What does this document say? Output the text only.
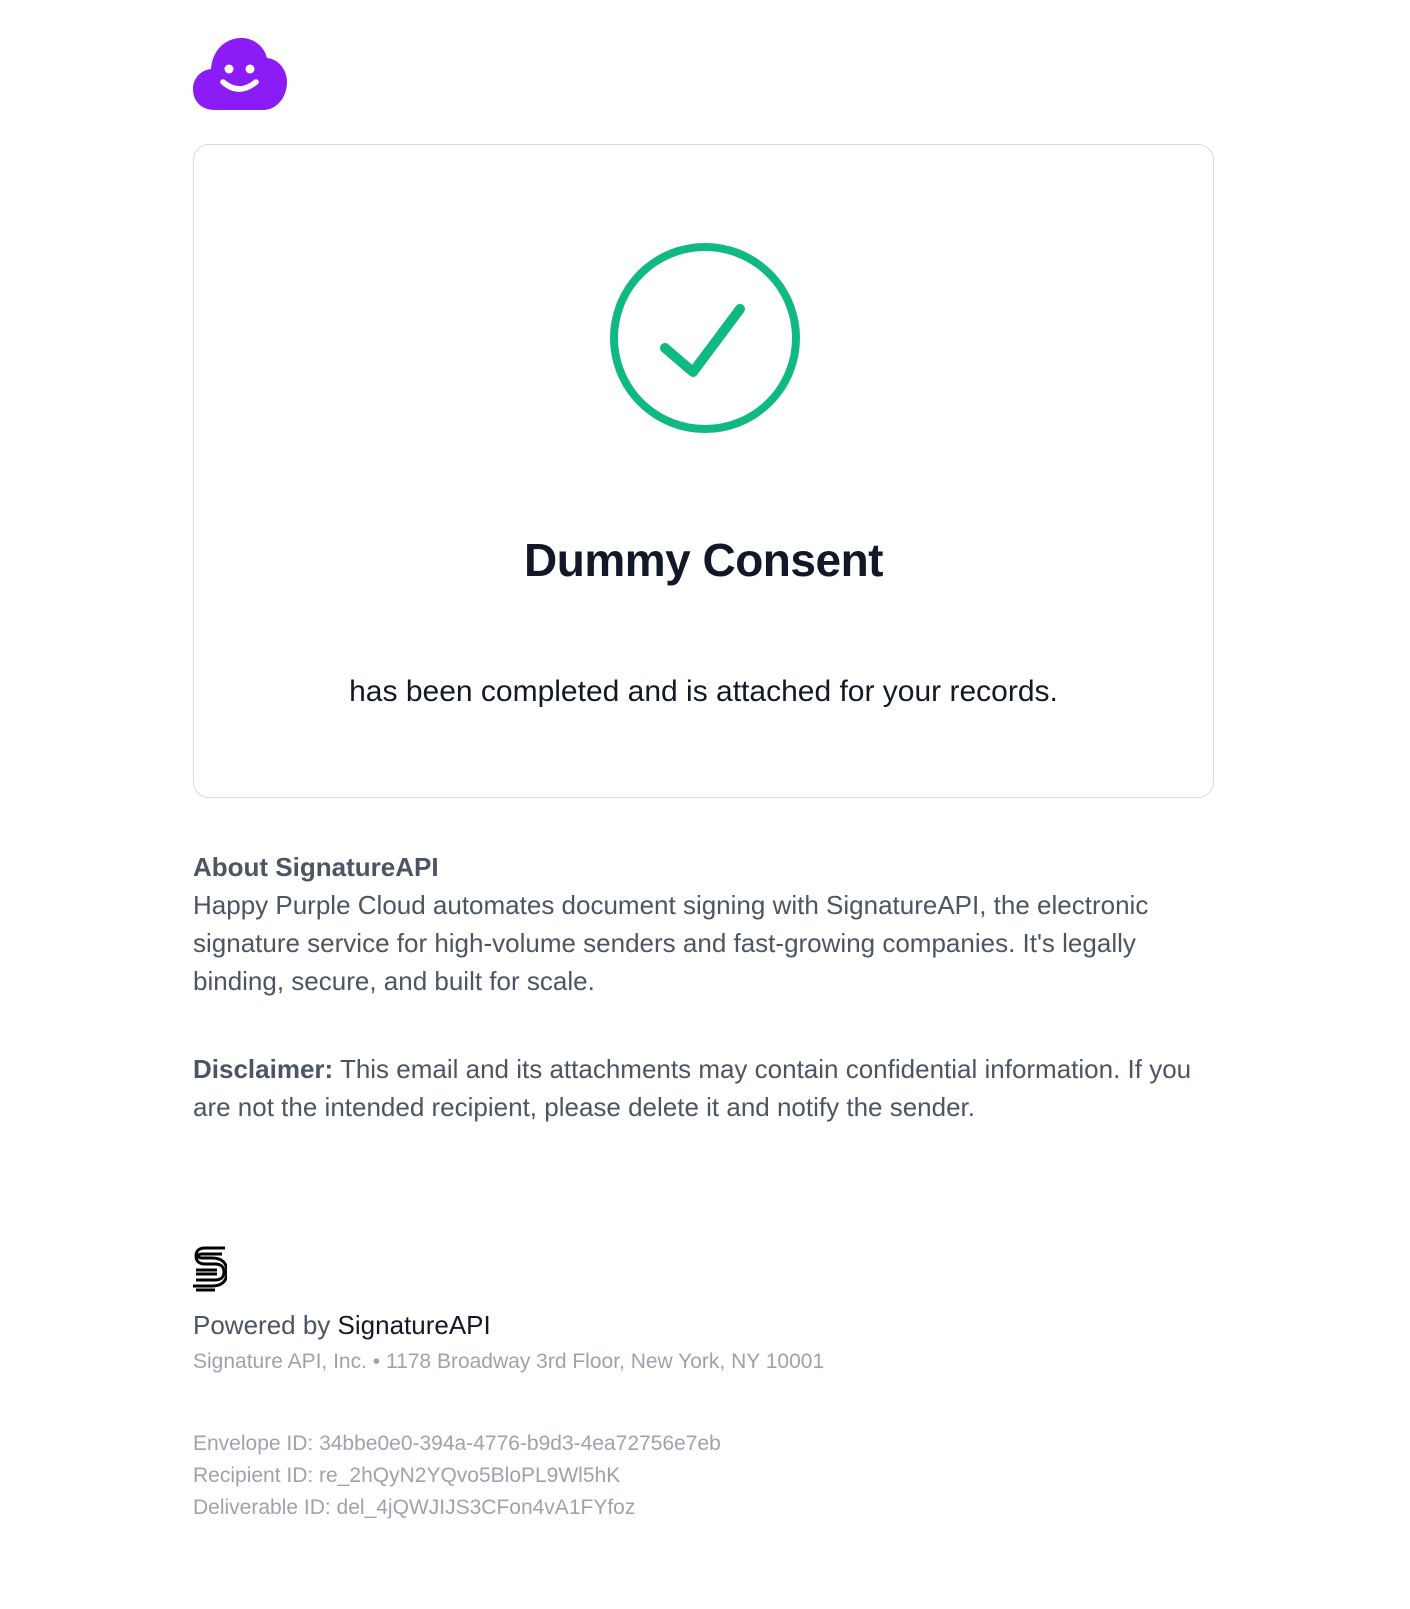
Dummy Consent

has been completed and is attached for your records.

About SignatureAPI
Happy Purple Cloud automates document signing with SignatureAPI, the electronic signature service for high-volume senders and fast-growing companies. It's legally binding, secure, and built for scale.
Disclaimer: This email and its attachments may contain confidential information. If you are not the intended recipient, please delete it and notify the sender.
Powered by SignatureAPI
Signature API, Inc. • 1178 Broadway 3rd Floor, New York, NY 10001
Envelope ID: 34bbe0e0-394a-4776-b9d3-4ea72756e7eb
Recipient ID: re_2hQyN2YQvo5BloPL9Wl5hK
Deliverable ID: del_4jQWJIJS3CFon4vA1FYfoz
